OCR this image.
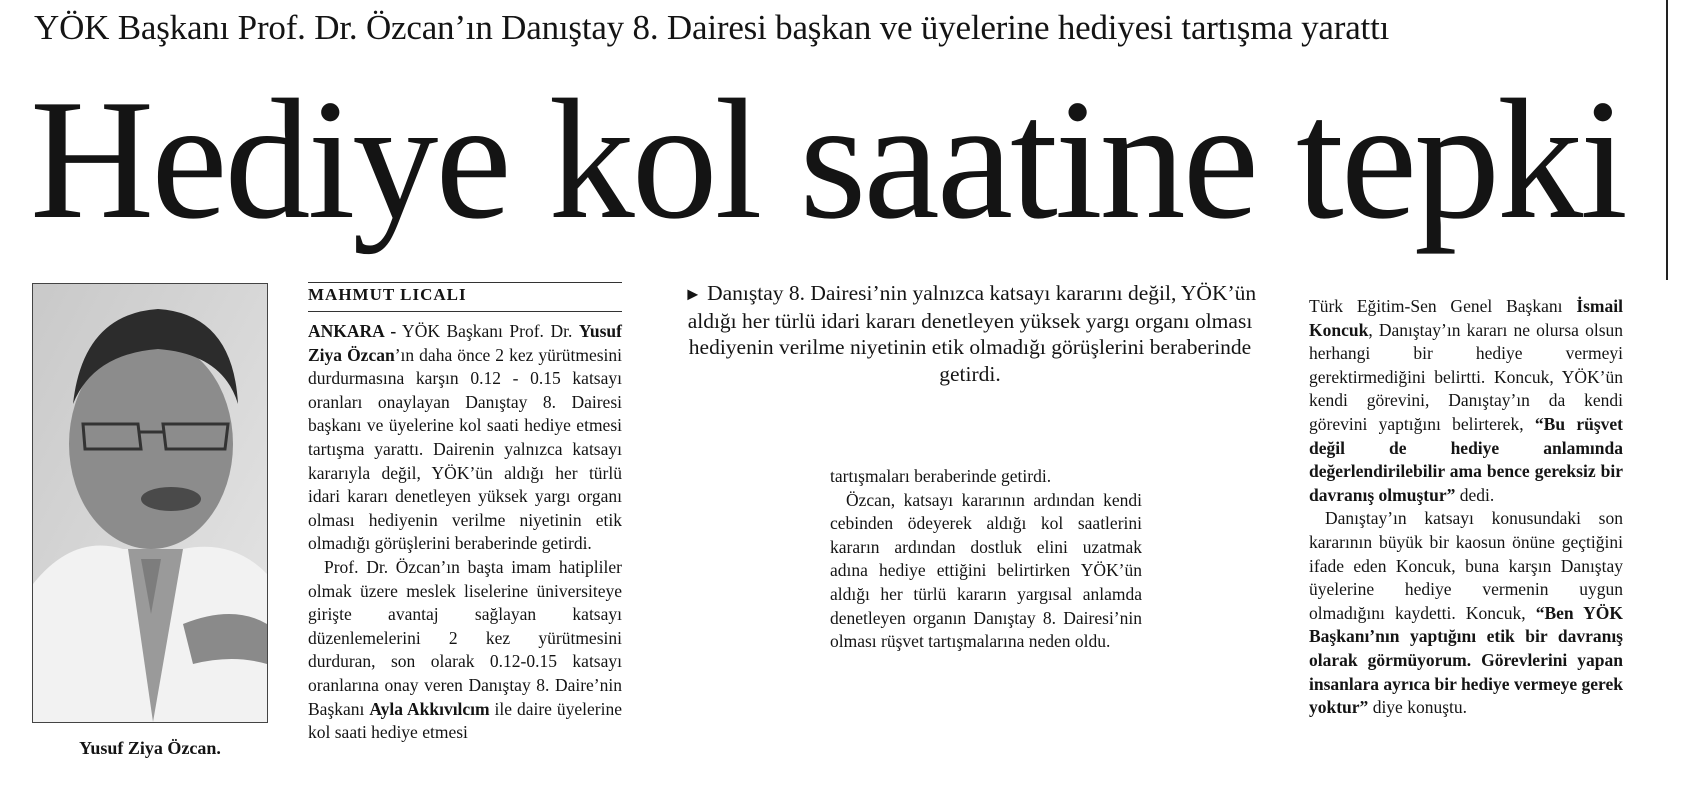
YÖK Başkanı Prof. Dr. Özcan’ın Danıştay 8. Dairesi başkan ve üyelerine hediyesi tartışma yarattı
Hediye kol saatine tepki
Yusuf Ziya Özcan.
MAHMUT LICALI

ANKARA - YÖK Başkanı Prof. Dr. Yusuf Ziya Özcan’ın daha önce 2 kez yürütmesini durdurmasına karşın 0.12 - 0.15 katsayı oranları onaylayan Danıştay 8. Dairesi başkanı ve üyelerine kol saati hediye etmesi tartışma yarattı. Dairenin yalnızca katsayı kararıyla değil, YÖK’ün aldığı her türlü idari kararı denetleyen yüksek yargı organı olması hediyenin verilme niyetinin etik olmadığı görüşlerini beraberinde getirdi.

Prof. Dr. Özcan’ın başta imam hatipliler olmak üzere meslek liselerine üniversiteye girişte avantaj sağlayan katsayı düzenlemelerini 2 kez yürütmesini durduran, son olarak 0.12-0.15 katsayı oranlarına onay veren Danıştay 8. Daire’nin Başkanı Ayla Akkıvılcım ile daire üyelerine kol saati hediye etmesi

► Danıştay 8. Dairesi’nin yalnızca katsayı kararını değil, YÖK’ün aldığı her türlü idari kararı denetleyen yüksek yargı organı olması hediyenin verilme niyetinin etik olmadığı görüşlerini beraberinde getirdi.

tartışmaları beraberinde getirdi.

Özcan, katsayı kararının ardından kendi cebinden ödeyerek aldığı kol saatlerini kararın ardından dostluk elini uzatmak adına hediye ettiğini belirtirken YÖK’ün aldığı her türlü kararın yargısal anlamda denetleyen organın Danıştay 8. Dairesi’nin olması rüşvet tartışmalarına neden oldu.

Türk Eğitim-Sen Genel Başkanı İsmail Koncuk, Danıştay’ın kararı ne olursa olsun herhangi bir hediye vermeyi gerektirmediğini belirtti. Koncuk, YÖK’ün kendi görevini, Danıştay’ın da kendi görevini yaptığını belirterek, “Bu rüşvet değil de hediye anlamında değerlendirilebilir ama bence gereksiz bir davranış olmuştur” dedi.

Danıştay’ın katsayı konusundaki son kararının büyük bir kaosun önüne geçtiğini ifade eden Koncuk, buna karşın Danıştay üyelerine hediye vermenin uygun olmadığını kaydetti. Koncuk, “Ben YÖK Başkanı’nın yaptığını etik bir davranış olarak görmüyorum. Görevlerini yapan insanlara ayrıca bir hediye vermeye gerek yoktur” diye konuştu.
